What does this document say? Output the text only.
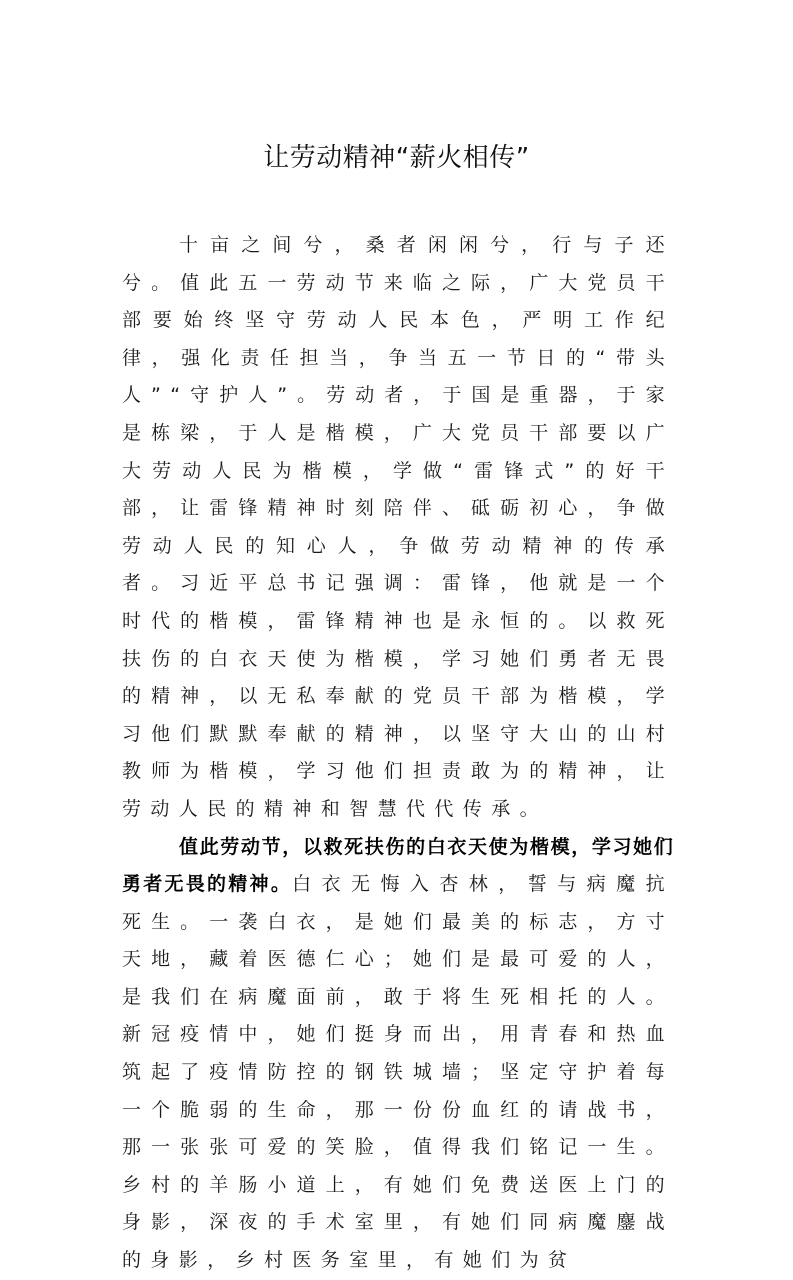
让劳动精神“薪火相传”

十亩之间兮，桑者闲闲兮，行与子还兮。值此五一劳动节来临之际，广大党员干部要始终坚守劳动人民本色，严明工作纪律，强化责任担当，争当五一节日的“带头人”“守护人”。劳动者，于国是重器，于家是栋梁，于人是楷模，广大党员干部要以广大劳动人民为楷模，学做“雷锋式”的好干部，让雷锋精神时刻陪伴、砥砺初心，争做劳动人民的知心人，争做劳动精神的传承者。习近平总书记强调：雷锋，他就是一个时代的楷模，雷锋精神也是永恒的。以救死扶伤的白衣天使为楷模，学习她们勇者无畏的精神，以无私奉献的党员干部为楷模，学习他们默默奉献的精神，以坚守大山的山村教师为楷模，学习他们担责敢为的精神，让劳动人民的精神和智慧代代传承。

值此劳动节，以救死扶伤的白衣天使为楷模，学习她们勇者无畏的精神。白衣无悔入杏林，誓与病魔抗死生。一袭白衣，是她们最美的标志，方寸天地，藏着医德仁心；她们是最可爱的人，是我们在病魔面前，敢于将生死相托的人。新冠疫情中，她们挺身而出，用青春和热血筑起了疫情防控的钢铁城墙；坚定守护着每一个脆弱的生命，那一份份血红的请战书，那一张张可爱的笑脸，值得我们铭记一生。乡村的羊肠小道上，有她们免费送医上门的身影，深夜的手术室里，有她们同病魔鏖战的身影，乡村医务室里，有她们为贫
